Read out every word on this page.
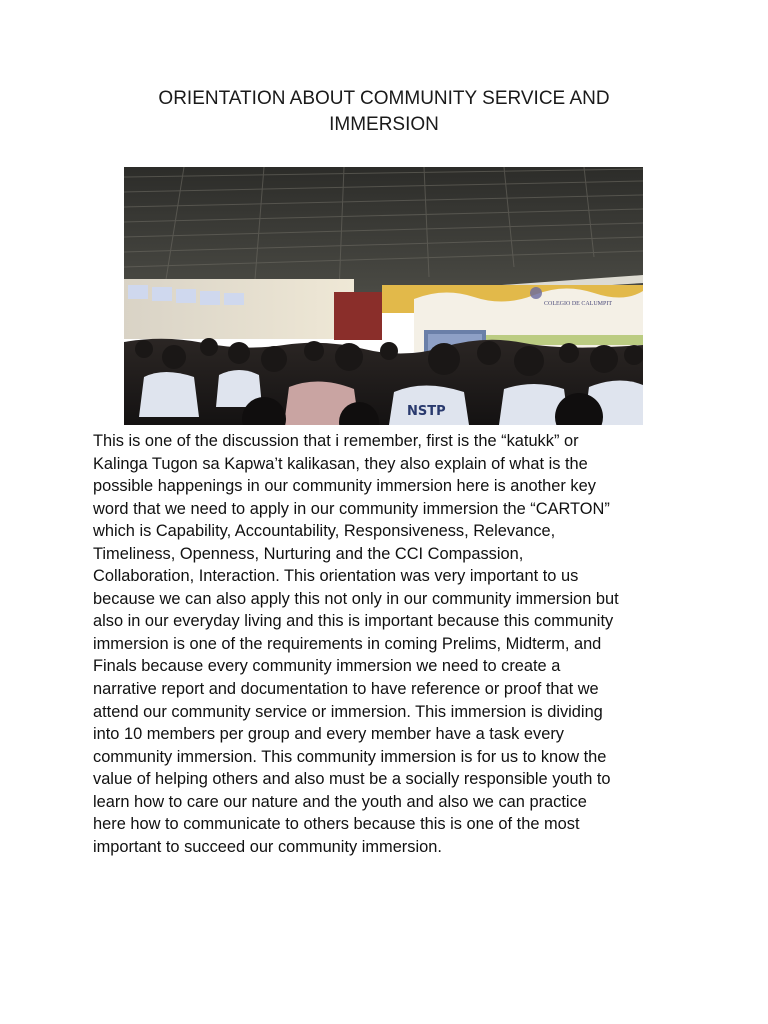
ORIENTATION ABOUT COMMUNITY SERVICE AND
IMMERSION
COLEGIO DE CALUMPIT
NSTP
This is one of the discussion that i remember, first is the “katukk” or
Kalinga Tugon sa Kapwa’t kalikasan, they also explain of what is the
possible happenings in our community immersion here is another key
word that we need to apply in our community immersion the “CARTON”
which is Capability, Accountability, Responsiveness, Relevance,
Timeliness, Openness, Nurturing and the CCI Compassion,
Collaboration, Interaction. This orientation was very important to us
because we can also apply this not only in our community immersion but
also in our everyday living and this is important because this community
immersion is one of the requirements in coming Prelims, Midterm, and
Finals because every community immersion we need to create a
narrative report and documentation to have reference or proof that we
attend our community service or immersion. This immersion is dividing
into 10 members per group and every member have a task every
community immersion. This community immersion is for us to know the
value of helping others and also must be a socially responsible youth to
learn how to care our nature and the youth and also we can practice
here how to communicate to others because this is one of the most
important to succeed our community immersion.
